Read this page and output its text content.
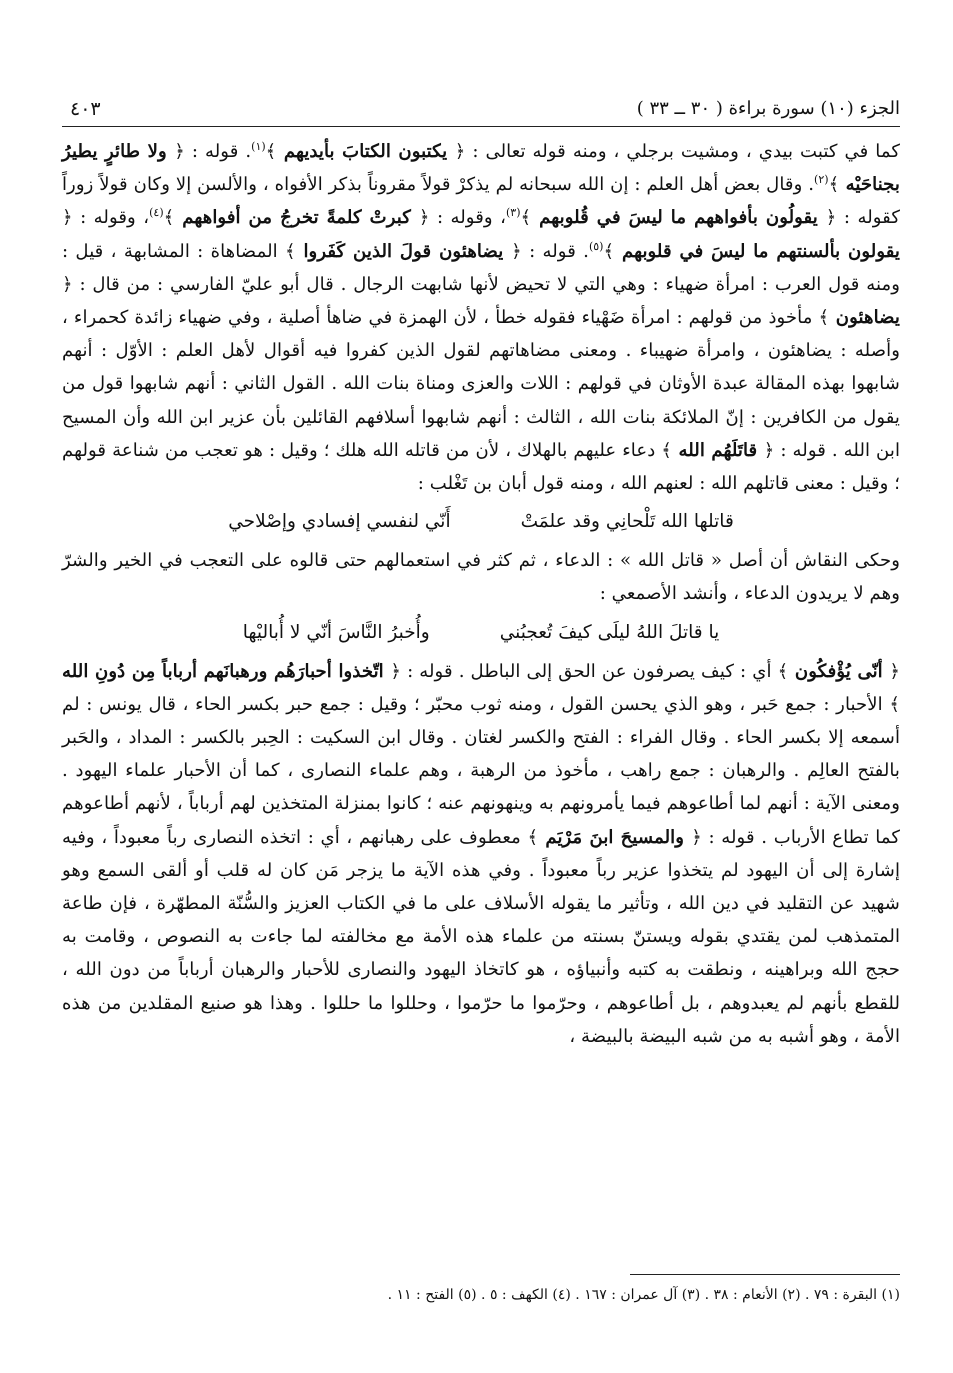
الجزء (١٠) سورة براءة ( ٣٠ ــ ٣٣ )
٤٠٣

كما في كتبت بيدي ، ومشيت برجلي ، ومنه قوله تعالى : ﴿ يكتبون الكتابَ بأيديهم ﴾$^{(١)}$. قوله : ﴿ ولا طائرٍ يطيرُ بجناحَيْه ﴾$^{(٢)}$. وقال بعض أهل العلم : إن الله سبحانه لم يذكرْ قولاً مقروناً بذكر الأفواه ، والألسن إلا وكان قولاً زوراً كقوله : ﴿ يقولُون بأفواههم ما ليسَ في قُلوبهم ﴾$^{(٣)}$، وقوله : ﴿ كبرتْ كلمةً تخرجُ من أفواههم ﴾$^{(٤)}$، وقوله : ﴿ يقولون بألسنتهم ما ليسَ في قلوبهم ﴾$^{(٥)}$. قوله : ﴿ يضاهئون قولَ الذين كَفَروا ﴾ المضاهاة : المشابهة ، قيل : ومنه قول العرب : امرأة ضهياء : وهي التي لا تحيض لأنها شابهت الرجال . قال أبو عليّ الفارسي : من قال : ﴿ يضاهئون ﴾ مأخوذ من قولهم : امرأة ضَهْياء فقوله خطأ ، لأن الهمزة في ضاهأ أصلية ، وفي ضهياء زائدة كحمراء ، وأصله : يضاهئون ، وامرأة ضهيباء . ومعنى مضاهاتهم لقول الذين كفروا فيه أقوال لأهل العلم : الأوّل : أنهم شابهوا بهذه المقالة عبدة الأوثان في قولهم : اللات والعزى ومناة بنات الله . القول الثاني : أنهم شابهوا قول من يقول من الكافرين : إنّ الملائكة بنات الله ، الثالث : أنهم شابهوا أسلافهم القائلين بأن عزير ابن الله وأن المسيح ابن الله . قوله : ﴿ قاتَلَهُم الله ﴾ دعاء عليهم بالهلاك ، لأن من قاتله الله هلك ؛ وقيل : هو تعجب من شناعة قولهم ؛ وقيل : معنى قاتلهم الله : لعنهم الله ، ومنه قول أبان بن تَغْلب :

قاتلها الله تَلْحانِي وقد علمَتْ
أَنّي لنفسي إفسادي وإصْلاحي

وحكى النقاش أن أصل « قاتل الله » : الدعاء ، ثم كثر في استعمالهم حتى قالوه على التعجب في الخير والشرّ وهم لا يريدون الدعاء ، وأنشد الأصمعي :

يا قاتلَ اللهُ ليلَى كيفَ تُعجبُني
وأُخبرُ النَّاسَ أنّي لا أُباليْها

﴿ أنّى يُؤْفكُون ﴾ أي : كيف يصرفون عن الحق إلى الباطل . قوله : ﴿ اتّخذوا أحبارَهُم ورهبانَهم أرباباً مِن دُونِ الله ﴾ الأحبار : جمع حَبر ، وهو الذي يحسن القول ، ومنه ثوب محبّر ؛ وقيل : جمع حبر بكسر الحاء ، قال يونس : لم أسمعه إلا بكسر الحاء . وقال الفراء : الفتح والكسر لغتان . وقال ابن السكيت : الحِبر بالكسر : المداد ، والحَبر بالفتح العالِم . والرهبان : جمع راهب ، مأخوذ من الرهبة ، وهم علماء النصارى ، كما أن الأحبار علماء اليهود . ومعنى الآية : أنهم لما أطاعوهم فيما يأمرونهم به وينهونهم عنه ؛ كانوا بمنزلة المتخذين لهم أرباباً ، لأنهم أطاعوهم كما تطاع الأرباب . قوله : ﴿ والمسيحَ ابنَ مَرْيَم ﴾ معطوف على رهبانهم ، أي : اتخذه النصارى رباً معبوداً ، وفيه إشارة إلى أن اليهود لم يتخذوا عزير رباً معبوداً . وفي هذه الآية ما يزجر مَن كان له قلب أو ألقى السمع وهو شهيد عن التقليد في دين الله ، وتأثير ما يقوله الأسلاف على ما في الكتاب العزيز والسُّنّة المطهّرة ، فإن طاعة المتمذهب لمن يقتدي بقوله ويستنّ بسنته من علماء هذه الأمة مع مخالفته لما جاءت به النصوص ، وقامت به حجج الله وبراهينه ، ونطقت به كتبه وأنبياؤه ، هو كاتخاذ اليهود والنصارى للأحبار والرهبان أرباباً من دون الله ، للقطع بأنهم لم يعبدوهم ، بل أطاعوهم ، وحرّموا ما حرّموا ، وحللوا ما حللوا . وهذا هو صنيع المقلدين من هذه الأمة ، وهو أشبه به من شبه البيضة بالبيضة ،

(١) البقرة : ٧٩ . (٢) الأنعام : ٣٨ . (٣) آل عمران : ١٦٧ . (٤) الكهف : ٥ . (٥) الفتح : ١١ .
